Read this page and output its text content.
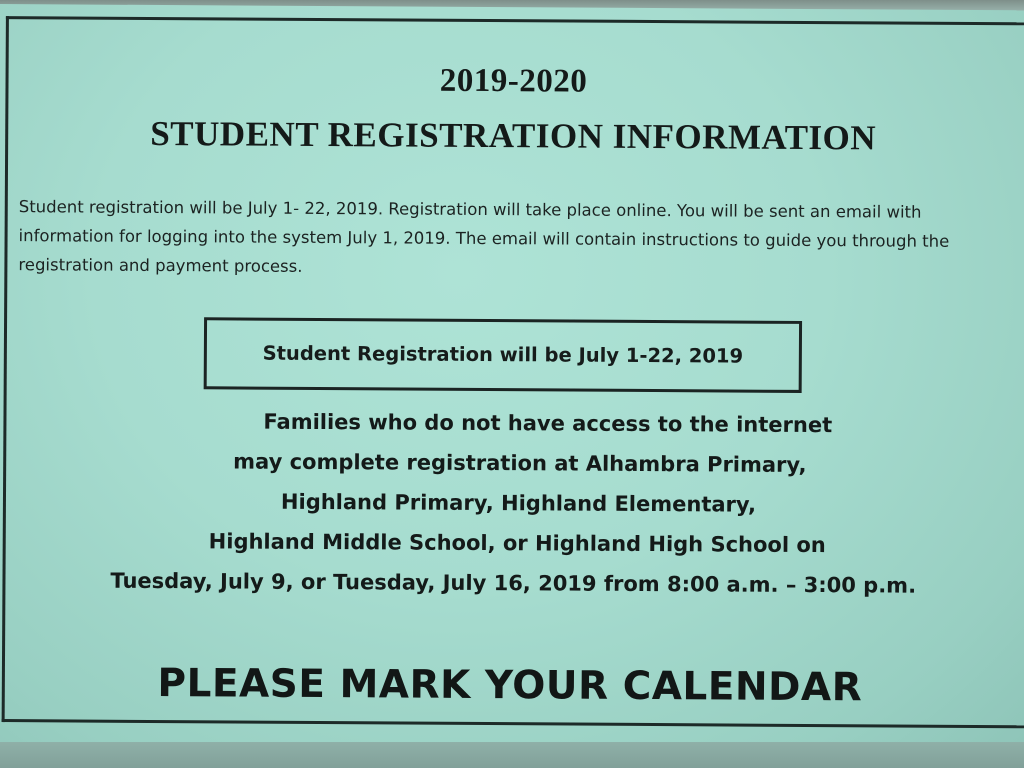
2019-2020
STUDENT REGISTRATION INFORMATION
Student registration will be July 1- 22, 2019. Registration will take place online. You will be sent an email with
information for logging into the system July 1, 2019. The email will contain instructions to guide you through the
registration and payment process.
Student Registration will be July 1-22, 2019
Families who do not have access to the internet
may complete registration at Alhambra Primary,
Highland Primary, Highland Elementary,
Highland Middle School, or Highland High School on
Tuesday, July 9, or Tuesday, July 16, 2019 from 8:00 a.m. – 3:00 p.m.
PLEASE MARK YOUR CALENDAR
